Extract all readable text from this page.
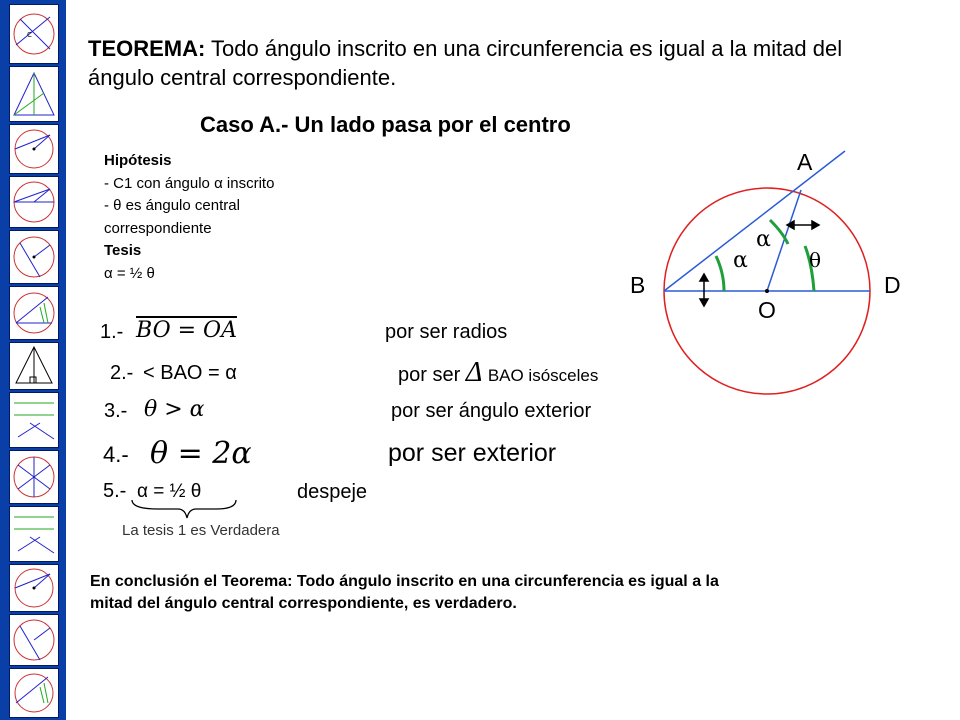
C
TEOREMA: Todo ángulo inscrito en una circunferencia es igual a la mitad del
ángulo central correspondiente.
Caso A.- Un lado pasa por el centro
Hipótesis
- C1 con ángulo α inscrito
- θ es ángulo central
correspondiente
Tesis
α = ½ θ
1.- BO = OA	por ser radios
2.- < BAO = α	por ser Δ BAO isósceles
3.- θ > α	por ser ángulo exterior
4.- θ = 2α	por ser exterior
5.- α = ½ θ	despeje
La tesis 1 es Verdadera
En conclusión el Teorema: Todo ángulo inscrito en una circunferencia es igual a la
mitad del ángulo central correspondiente, es verdadero.
A
B	D
O
α
α	θ
